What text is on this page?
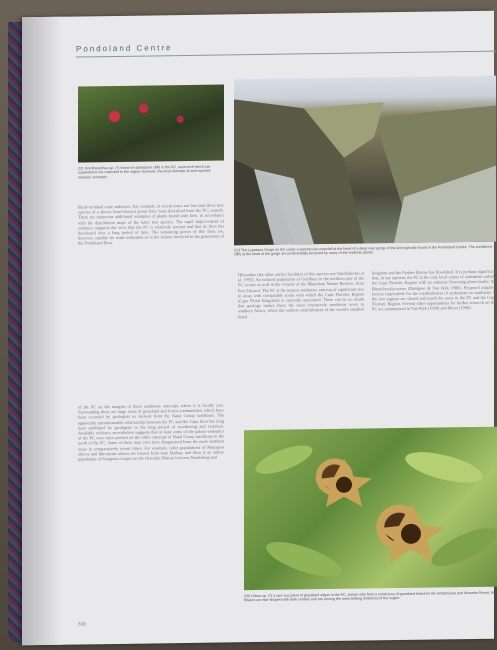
Pondoland Centre
211 Dorotheanthus sp. (?) found on sandstone cliffs in the PC, several of which are suspected to be restricted to the region; however, the local diversity of such species remains uncertain.
213 The Lupatana Gorge on the coast; a spectacular waterfall at the head of a deep river gorge of the kind typically found in the Pondoland Centre. The sandstone cliffs at the head of the gorge are preferentially favoured by many of the endemic plants.
likely terminal zone endemics. For example, in recent years not less than three new species of a showy lesser-known genus have been described from the PC, namely. There are numerous additional examples of plants found only here, in accordance with the distribution maps of the latter two species. The rapid improvement of evidence supports the view that the PC is relatively ancient and that its flora has developed over a long period of time. The remaining pieces of this flora are, however, suitable for some indication as to the factors involved in the generation of the Pondoland flora.
of the PC on the margins of these sandstone outcrops, where it is locally rare. Surrounding these are large areas of grassland and forest communities, which have been recorded by geologists as derived from the Natal Group sandstone. The apparently unconformable relationship between the PC and the Cape flora has long been attributed by geologists to the long period of weathering and isolation. Available evidence nevertheless suggests that at least some of the palaeo-endemics of the PC were once present on the other outcrops of Natal Group sandstone to the north of the PC. Some of these may even have disappeared from the more northern areas in comparatively recent times. For example, relict populations of Mayapisa aborea and Mavuyani aborea are known from near Durban, and there is an outlier population of Stangeria eriopus on the Ozwatini Plateau between Noodsberg and
Hilwesdae (for other outlier localities of this species see Vanderlinden et al. 1993). An isolated population of Gelidium in the northern part of the PC occurs as well in the vicinity of the Mkambati Nature Reserve, from Port Edward. The PC is the nearest sandstone outcrop of significant size to areas with comparable rocks with which the Cape Floristic Region (Cape Floral Kingdom) is currently associated. There can be no doubt that geology makes these the most extensively sandstone areas in southern Africa, where the earliest establishment of the world's smallest floral
kingdom and the Fynbos Biome has flourished. It is perhaps significant that, in our opinion, the PC is the only local centre of endemism outside the Cape Floristic Region with an endemic flowering plant family, the Rhynchocalycaceae (Dahlgren & Van Wyk 1988). Proposed adaptive factors responsible for the establishment of endemism on sandstone in the two regions are shared and much the same in the PC and the Cape Floristic Region. Several other opportunities for further research on the PC are summarized in Van Wyk (1990) and Meier (1998).
230 Orbea sp. (?) a rare succulent of grassland edges in the PC, known only from a small area of grassland between the Umtamvuna and Mzamba Rivers; the flowers are star-shaped with dark centres and are among the most striking endemics of the region.
310
